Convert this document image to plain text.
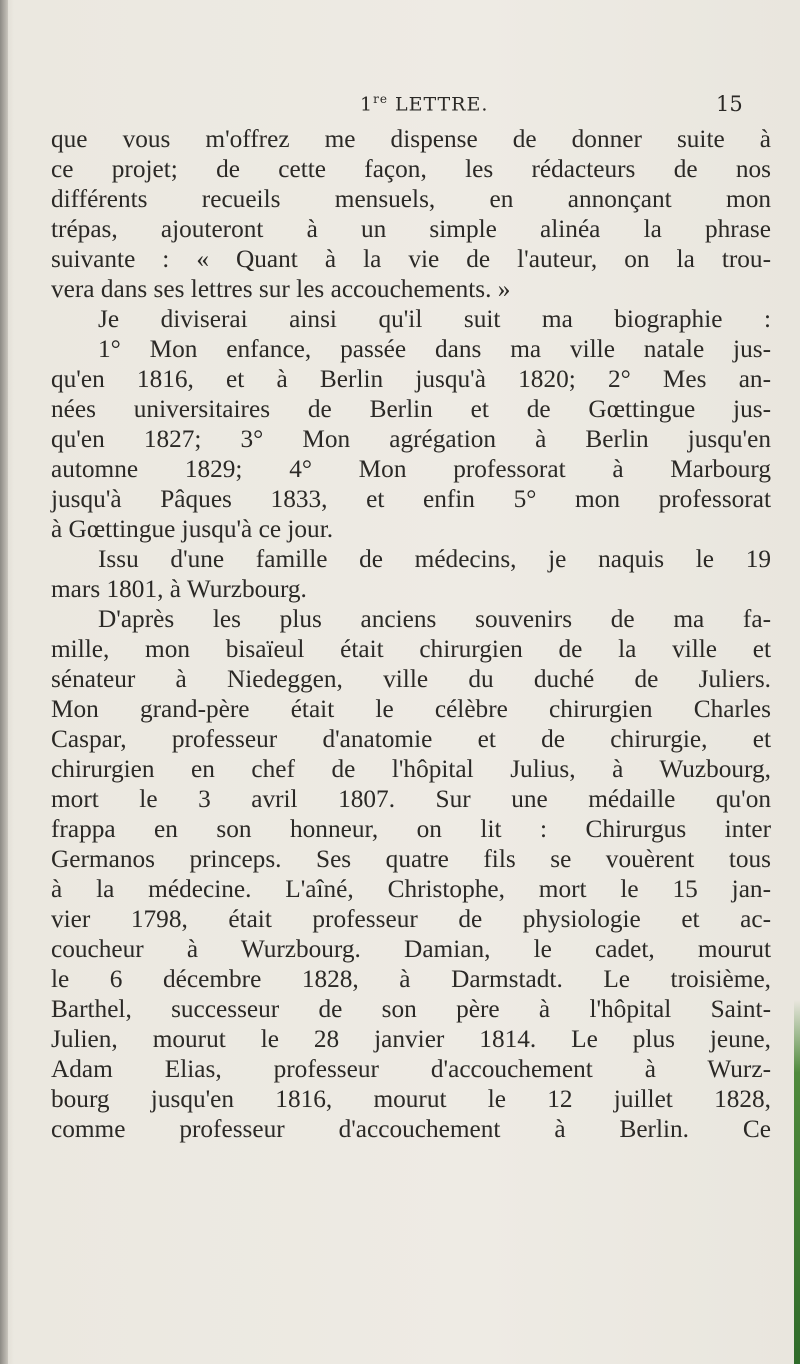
1re LETTRE.	15
que vous m'offrez me dispense de donner suite à
ce projet; de cette façon, les rédacteurs de nos
différents recueils mensuels, en annonçant mon
trépas, ajouteront à un simple alinéa la phrase
suivante : « Quant à la vie de l'auteur, on la trou-
vera dans ses lettres sur les accouchements. »
Je diviserai ainsi qu'il suit ma biographie :
1° Mon enfance, passée dans ma ville natale jus-
qu'en 1816, et à Berlin jusqu'à 1820; 2° Mes an-
nées universitaires de Berlin et de Gœttingue jus-
qu'en 1827; 3° Mon agrégation à Berlin jusqu'en
automne 1829; 4° Mon professorat à Marbourg
jusqu'à Pâques 1833, et enfin 5° mon professorat
à Gœttingue jusqu'à ce jour.
Issu d'une famille de médecins, je naquis le 19
mars 1801, à Wurzbourg.
D'après les plus anciens souvenirs de ma fa-
mille, mon bisaïeul était chirurgien de la ville et
sénateur à Niedeggen, ville du duché de Juliers.
Mon grand-père était le célèbre chirurgien Charles
Caspar, professeur d'anatomie et de chirurgie, et
chirurgien en chef de l'hôpital Julius, à Wuzbourg,
mort le 3 avril 1807. Sur une médaille qu'on
frappa en son honneur, on lit : Chirurgus inter
Germanos princeps. Ses quatre fils se vouèrent tous
à la médecine. L'aîné, Christophe, mort le 15 jan-
vier 1798, était professeur de physiologie et ac-
coucheur à Wurzbourg. Damian, le cadet, mourut
le 6 décembre 1828, à Darmstadt. Le troisième,
Barthel, successeur de son père à l'hôpital Saint-
Julien, mourut le 28 janvier 1814. Le plus jeune,
Adam Elias, professeur d'accouchement à Wurz-
bourg jusqu'en 1816, mourut le 12 juillet 1828,
comme professeur d'accouchement à Berlin. Ce
